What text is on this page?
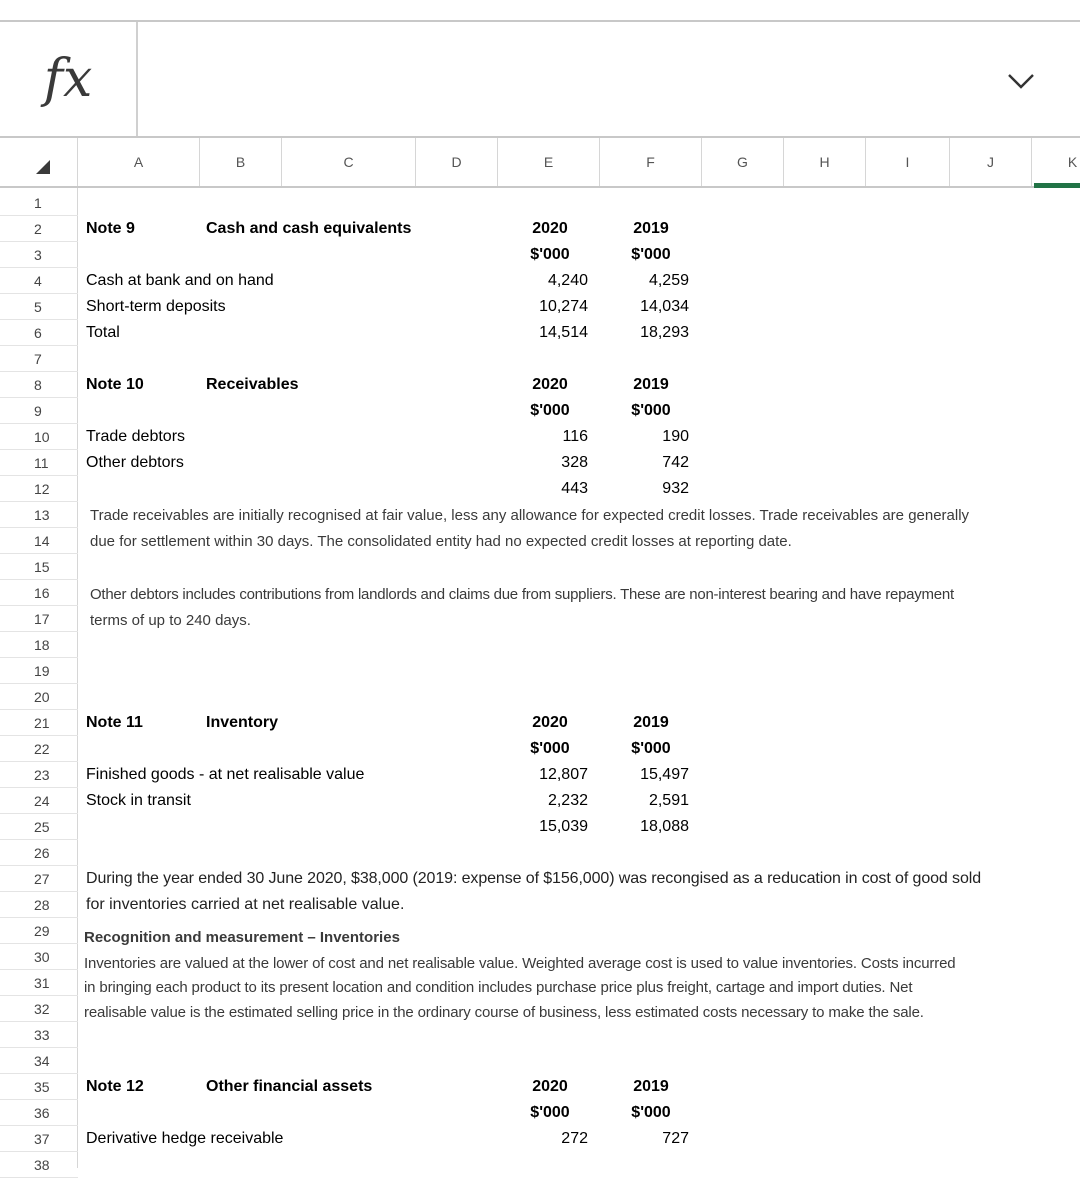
fx
A	B	C	D	E	F	G	H	I	J	K
1
2
3
4
5
6
7
8
9
10
11
12
13
14
15
16
17
18
19
20
21
22
23
24
25
26
27
28
29
30
31
32
33
34
35
36
37
38
Note 9	Cash and cash equivalents	2020	2019
$'000	$'000
Cash at bank and on hand	4,240	4,259
Short-term deposits	10,274	14,034
Total	14,514	18,293
Note 10	Receivables	2020	2019
$'000	$'000
Trade debtors	116	190
Other debtors	328	742
443	932
Trade receivables are initially recognised at fair value, less any allowance for expected credit losses. Trade receivables are generally
due for settlement within 30 days. The consolidated entity had no expected credit losses at reporting date.
Other debtors includes contributions from landlords and claims due from suppliers. These are non-interest bearing and have repayment
terms of up to 240 days.
Note 11	Inventory	2020	2019
$'000	$'000
Finished goods - at net realisable value	12,807	15,497
Stock in transit	2,232	2,591
15,039	18,088
During the year ended 30 June 2020, $38,000 (2019: expense of $156,000) was recongised as a reducation in cost of good sold
for inventories carried at net realisable value.
Recognition and measurement – Inventories
Inventories are valued at the lower of cost and net realisable value. Weighted average cost is used to value inventories. Costs incurred
in bringing each product to its present location and condition includes purchase price plus freight, cartage and import duties. Net
realisable value is the estimated selling price in the ordinary course of business, less estimated costs necessary to make the sale.
Note 12	Other financial assets	2020	2019
$'000	$'000
Derivative hedge receivable	272	727
